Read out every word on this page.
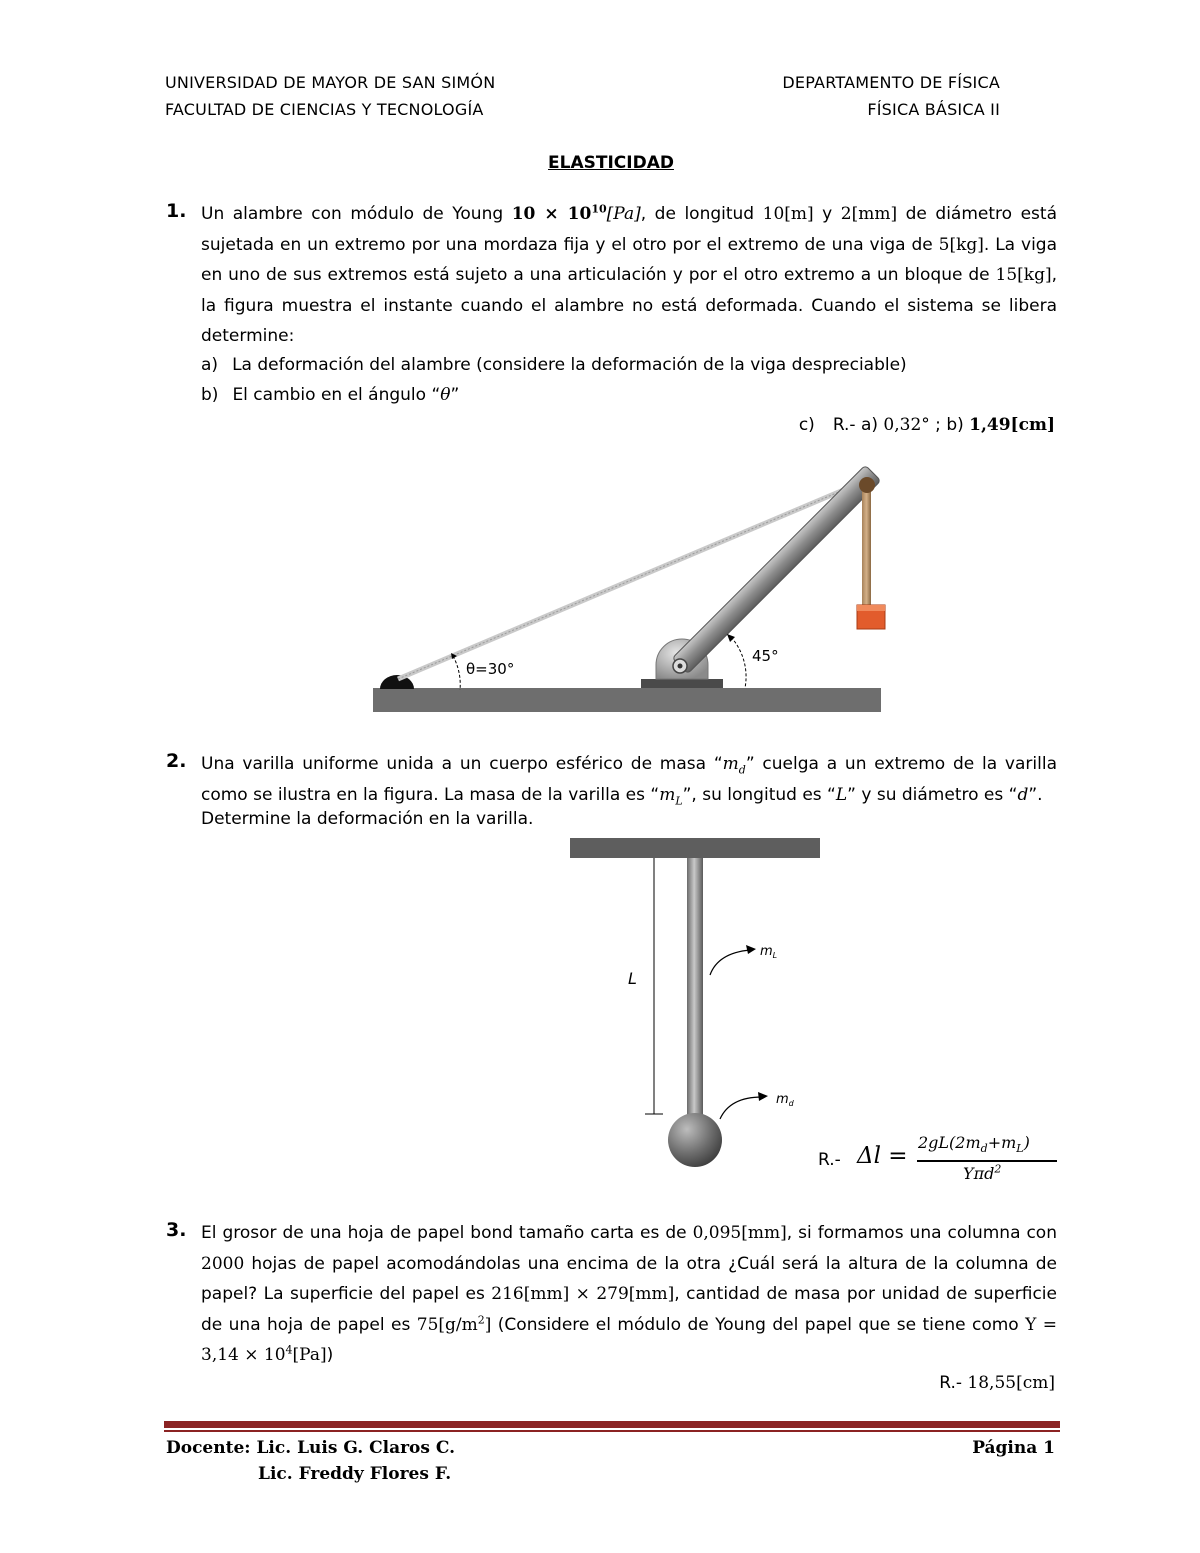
UNIVERSIDAD DE MAYOR DE SAN SIMÓN
FACULTAD DE CIENCIAS Y TECNOLOGÍA
DEPARTAMENTO DE FÍSICA
FÍSICA BÁSICA II
ELASTICIDAD
1. Un alambre con módulo de Young $10 \times 10^{10}[Pa]$, de longitud 10[m] y 2[mm] de diámetro está sujetada en un extremo por una mordaza fija y el otro por el extremo de una viga de 5[kg]. La viga en uno de sus extremos está sujeto a una articulación y por el otro extremo a un bloque de 15[kg], la figura muestra el instante cuando el alambre no está deformada. Cuando el sistema se libera determine:
a) La deformación del alambre (considere la deformación de la viga despreciable)
b) El cambio en el ángulo “θ”
c) R.- a) 0,32° ; b) 1,49[cm]
θ=30°
45°
2. Una varilla uniforme unida a un cuerpo esférico de masa “$m_d$” cuelga a un extremo de la varilla como se ilustra en la figura. La masa de la varilla es “$m_L$”, su longitud es “L” y su diámetro es “d”.
Determine la deformación en la varilla.
L
$m_L$
$m_d$
R.- Δl =
$2gL(2m_d+m_L)$
Yπd$^2$
3. El grosor de una hoja de papel bond tamaño carta es de 0,095[mm], si formamos una columna con 2000 hojas de papel acomodándolas una encima de la otra ¿Cuál será la altura de la columna de papel? La superficie del papel es 216[mm] × 279[mm], cantidad de masa por unidad de superficie de una hoja de papel es $75[g/m^2]$ (Considere el módulo de Young del papel que se tiene como $Y = 3,14 \times 10^4[Pa]$)
R.- 18,55[cm]
Docente: Lic. Luis G. Claros C.
Lic. Freddy Flores F.
Página 1
